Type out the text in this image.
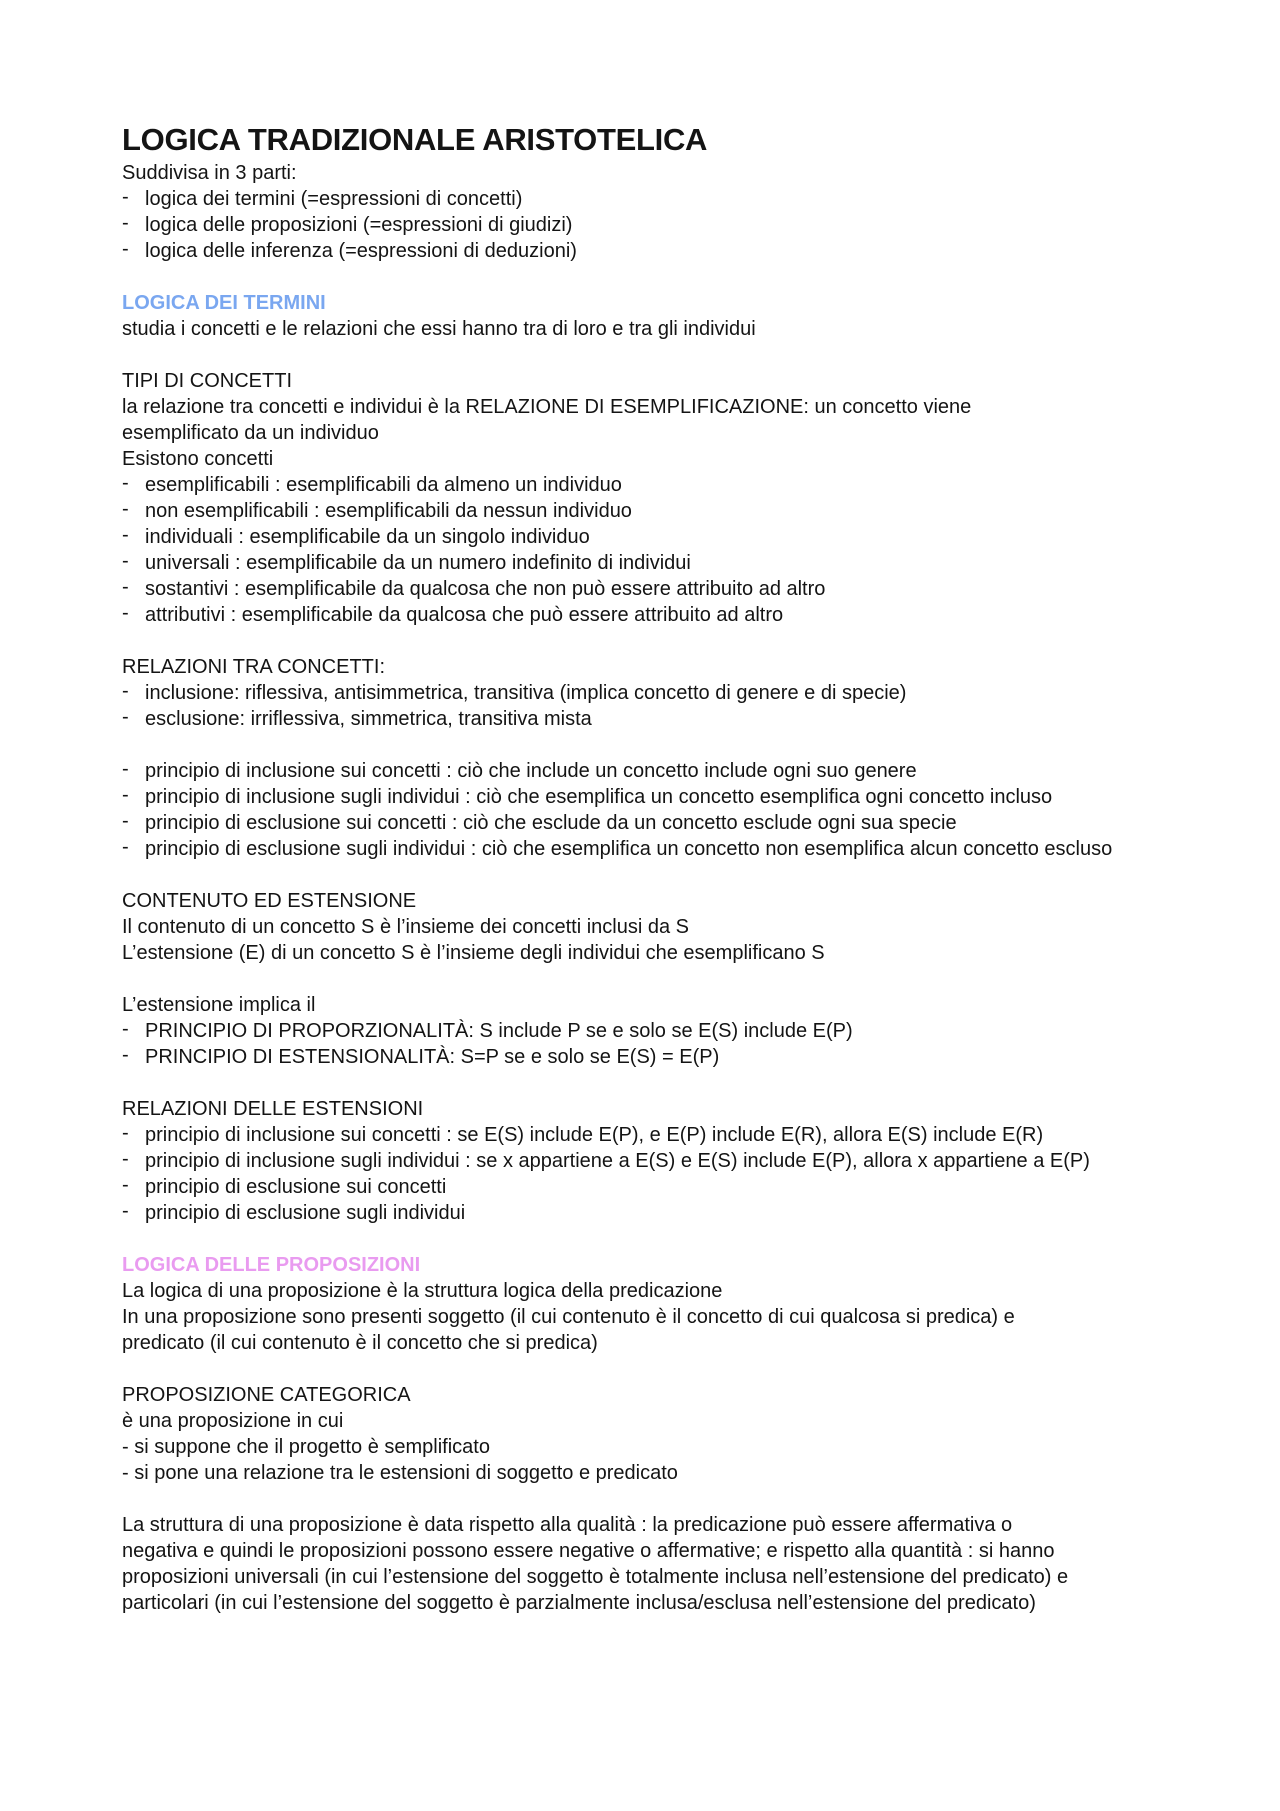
LOGICA TRADIZIONALE ARISTOTELICA

Suddivisa in 3 parti:

- logica dei termini (=espressioni di concetti)
- logica delle proposizioni (=espressioni di giudizi)
- logica delle inferenza (=espressioni di deduzioni)

LOGICA DEI TERMINI

studia i concetti e le relazioni che essi hanno tra di loro e tra gli individui

TIPI DI CONCETTI

la relazione tra concetti e individui è la RELAZIONE DI ESEMPLIFICAZIONE: un concetto viene

esemplificato da un individuo

Esistono concetti

- esemplificabili : esemplificabili da almeno un individuo
- non esemplificabili : esemplificabili da nessun individuo
- individuali : esemplificabile da un singolo individuo
- universali : esemplificabile da un numero indefinito di individui
- sostantivi : esemplificabile da qualcosa che non può essere attribuito ad altro
- attributivi : esemplificabile da qualcosa che può essere attribuito ad altro

RELAZIONI TRA CONCETTI:

- inclusione: riflessiva, antisimmetrica, transitiva (implica concetto di genere e di specie)
- esclusione: irriflessiva, simmetrica, transitiva mista
- principio di inclusione sui concetti : ciò che include un concetto include ogni suo genere
- principio di inclusione sugli individui : ciò che esemplifica un concetto esemplifica ogni concetto incluso
- principio di esclusione sui concetti : ciò che esclude da un concetto esclude ogni sua specie
- principio di esclusione sugli individui : ciò che esemplifica un concetto non esemplifica alcun concetto escluso

CONTENUTO ED ESTENSIONE

Il contenuto di un concetto S è l’insieme dei concetti inclusi da S

L’estensione (E) di un concetto S è l’insieme degli individui che esemplificano S

L’estensione implica il

- PRINCIPIO DI PROPORZIONALITÀ: S include P se e solo se E(S) include E(P)
- PRINCIPIO DI ESTENSIONALITÀ: S=P se e solo se E(S) = E(P)

RELAZIONI DELLE ESTENSIONI

- principio di inclusione sui concetti : se E(S) include E(P), e E(P) include E(R), allora E(S) include E(R)
- principio di inclusione sugli individui : se x appartiene a E(S) e E(S) include E(P), allora x appartiene a E(P)
- principio di esclusione sui concetti
- principio di esclusione sugli individui

LOGICA DELLE PROPOSIZIONI

La logica di una proposizione è la struttura logica della predicazione

In una proposizione sono presenti soggetto (il cui contenuto è il concetto di cui qualcosa si predica) e

predicato (il cui contenuto è il concetto che si predica)

PROPOSIZIONE CATEGORICA

è una proposizione in cui

- si suppone che il progetto è semplificato

- si pone una relazione tra le estensioni di soggetto e predicato

La struttura di una proposizione è data rispetto alla qualità : la predicazione può essere affermativa o

negativa e quindi le proposizioni possono essere negative o affermative; e rispetto alla quantità : si hanno

proposizioni universali (in cui l’estensione del soggetto è totalmente inclusa nell’estensione del predicato) e

particolari (in cui l’estensione del soggetto è parzialmente inclusa/esclusa nell’estensione del predicato)
